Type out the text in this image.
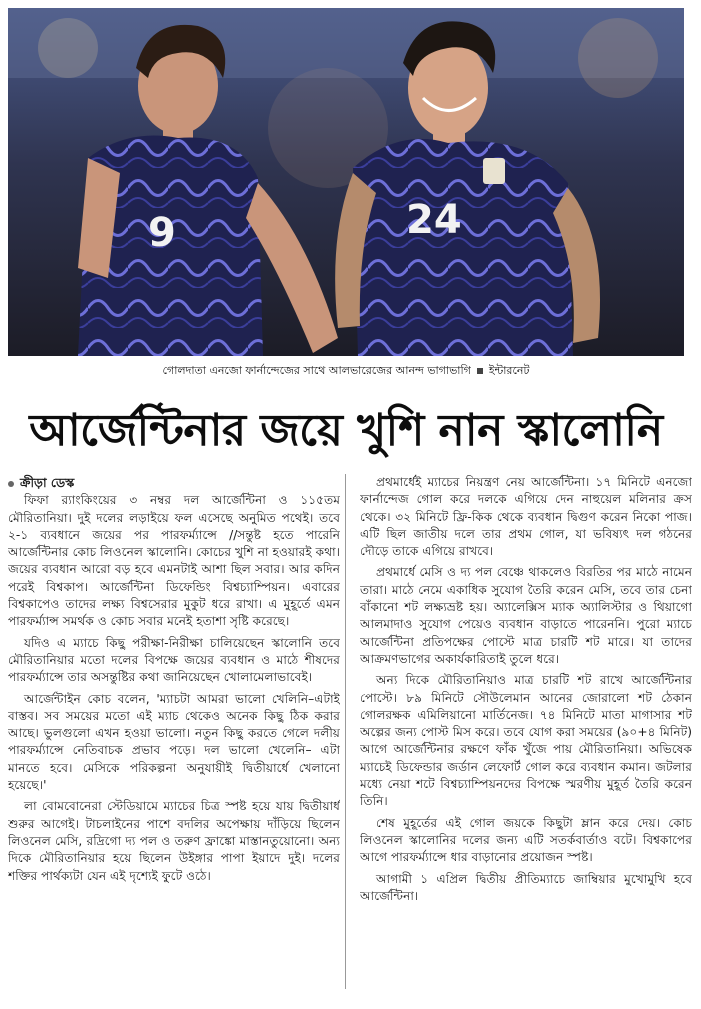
9	24
গোলদাতা এনজো ফার্নান্দেজের সাথে আলভারেজের আনন্দ ভাগাভাগি ইন্টারনেট
আর্জেন্টিনার জয়ে খুশি নান স্কালোনি
ক্রীড়া ডেস্ক

ফিফা র‌্যাংকিংয়ের ৩ নম্বর দল আর্জেন্টিনা ও ১১৫তম মৌরিতানিয়া। দুই দলের লড়াইয়ে ফল এসেছে অনুমিত পথেই। তবে ২-১ ব্যবধানে জয়ের পর পারফর্ম্যান্সে //সন্তুষ্ট হতে পারেনি আর্জেন্টিনার কোচ লিওনেল স্কালোনি। কোচের খুশি না হওয়ারই কথা। জয়ের ব্যবধান আরো বড় হবে এমনটাই আশা ছিল সবার। আর কদিন পরেই বিশ্বকাপ। আর্জেন্টিনা ডিফেন্ডিং বিশ্বচ্যাম্পিয়ন। এবারের বিশ্বকাপেও তাদের লক্ষ্য বিশ্বসেরার মুকুট ধরে রাখা। এ মুহূর্তে এমন পারফর্ম্যান্স সমর্থক ও কোচ সবার মনেই হতাশা সৃষ্টি করেছে।

যদিও এ ম্যাচে কিছু পরীক্ষা-নিরীক্ষা চালিয়েছেন স্কালোনি তবে মৌরিতানিয়ার মতো দলের বিপক্ষে জয়ের ব্যবধান ও মাঠে শীষদের পারফর্ম্যান্সে তার অসন্তুষ্টির কথা জানিয়েছেন খোলামেলাভাবেই।

আর্জেন্টাইন কোচ বলেন, 'ম্যাচটা আমরা ভালো খেলিনি–এটাই বাস্তব। সব সময়ের মতো এই ম্যাচ থেকেও অনেক কিছু ঠিক করার আছে। ভুলগুলো এখন হওয়া ভালো। নতুন কিছু করতে গেলে দলীয় পারফর্ম্যান্সে নেতিবাচক প্রভাব পড়ে। দল ভালো খেলেনি– এটা মানতে হবে। মেসিকে পরিকল্পনা অনুযায়ীই দ্বিতীয়ার্ধে খেলানো হয়েছে।'

লা বোমবোনেরা স্টেডিয়ামে ম্যাচের চিত্র স্পষ্ট হয়ে যায় দ্বিতীয়ার্ধ শুরুর আগেই। টাচলাইনের পাশে বদলির অপেক্ষায় দাঁড়িয়ে ছিলেন লিওনেল মেসি, রদ্রিগো দ্য পল ও তরুণ ফ্রাঙ্কো মাস্তানতুয়োনো। অন্য দিকে মৌরিতানিয়ার হয়ে ছিলেন উইঙ্গার পাপা ইয়াদে দুই। দলের শক্তির পার্থক্যটা যেন এই দৃশ্যেই ফুটে ওঠে।

প্রথমার্ধেই ম্যাচের নিয়ন্ত্রণ নেয় আর্জেন্টিনা। ১৭ মিনিটে এনজো ফার্নান্দেজ গোল করে দলকে এগিয়ে দেন নাহুয়েল মলিনার ক্রস থেকে। ৩২ মিনিটে ফ্রি-কিক থেকে ব্যবধান দ্বিগুণ করেন নিকো পাজ। এটি ছিল জাতীয় দলে তার প্রথম গোল, যা ভবিষ্যৎ দল গঠনের দৌড়ে তাকে এগিয়ে রাখবে।

প্রথমার্ধে মেসি ও দ্য পল বেঞ্চে থাকলেও বিরতির পর মাঠে নামেন তারা। মাঠে নেমে একাধিক সুযোগ তৈরি করেন মেসি, তবে তার চেনা বাঁকানো শট লক্ষ্যভ্রষ্ট হয়। অ্যালেক্সিস ম্যাক অ্যালিস্টার ও থিয়াগো আলমাদাও সুযোগ পেয়েও ব্যবধান বাড়াতে পারেননি। পুরো ম্যাচে আর্জেন্টিনা প্রতিপক্ষের পোস্টে মাত্র চারটি শট মারে। যা তাদের আক্রমণভাগের অকার্যকারিতাই তুলে ধরে।

অন্য দিকে মৌরিতানিয়াও মাত্র চারটি শট রাখে আর্জেন্টিনার পোস্টে। ৮৯ মিনিটে সৌউলেমান আনের জোরালো শট ঠেকান গোলরক্ষক এমিলিয়ানো মার্তিনেজ। ৭৪ মিনিটে মাতা মাগাসার শট অল্পের জন্য পোস্ট মিস করে। তবে যোগ করা সময়ের (৯০+৪ মিনিট) আগে আর্জেন্টিনার রক্ষণে ফাঁক খুঁজে পায় মৌরিতানিয়া। অভিষেক ম্যাচেই ডিফেন্ডার জর্ডান লেফোর্ট গোল করে ব্যবধান কমান। জটলার মধ্যে নেয়া শটে বিশ্বচ্যাম্পিয়নদের বিপক্ষে স্মরণীয় মুহূর্ত তৈরি করেন তিনি।

শেষ মুহূর্তের এই গোল জয়কে কিছুটা ম্লান করে দেয়। কোচ লিওনেল স্কালোনির দলের জন্য এটি সতর্কবার্তাও বটে। বিশ্বকাপের আগে পারফর্ম্যান্সে ধার বাড়ানোর প্রয়োজন স্পষ্ট।

আগামী ১ এপ্রিল দ্বিতীয় প্রীতিম্যাচে জাম্বিয়ার মুখোমুখি হবে আর্জেন্টিনা।
